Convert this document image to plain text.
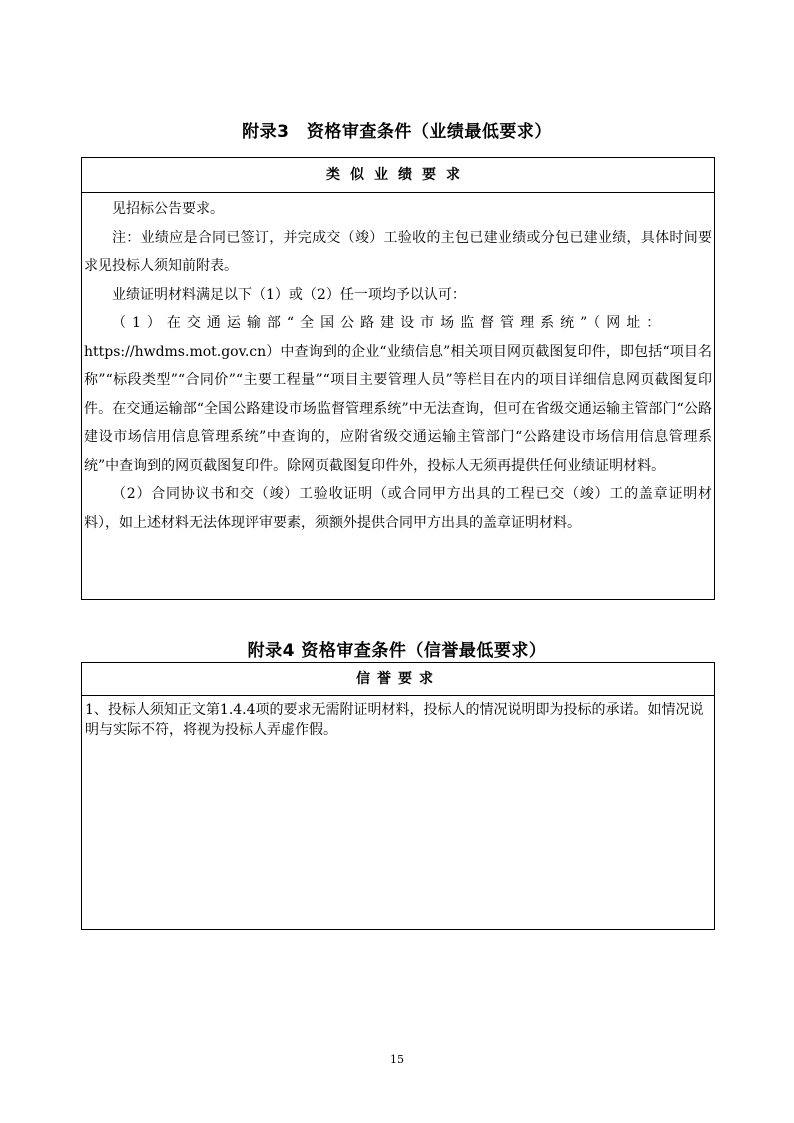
附录3　资格审查条件（业绩最低要求）
类似业绩要求

见招标公告要求。

注：业绩应是合同已签订，并完成交（竣）工验收的主包已建业绩或分包已建业绩，具体时间要求见投标人须知前附表。

业绩证明材料满足以下（1）或（2）任一项均予以认可：

（1）在交通运输部“全国公路建设市场监督管理系统”（网址：

https://hwdms.mot.gov.cn）中查询到的企业“业绩信息”相关项目网页截图复印件，即包括“项目名称”“标段类型”“合同价”“主要工程量”“项目主要管理人员”等栏目在内的项目详细信息网页截图复印件。在交通运输部“全国公路建设市场监督管理系统”中无法查询，但可在省级交通运输主管部门“公路建设市场信用信息管理系统”中查询的，应附省级交通运输主管部门“公路建设市场信用信息管理系统”中查询到的网页截图复印件。除网页截图复印件外，投标人无须再提供任何业绩证明材料。

（2）合同协议书和交（竣）工验收证明（或合同甲方出具的工程已交（竣）工的盖章证明材料），如上述材料无法体现评审要素，须额外提供合同甲方出具的盖章证明材料。

附录4 资格审查条件（信誉最低要求）
信誉要求

1、投标人须知正文第1.4.4项的要求无需附证明材料，投标人的情况说明即为投标的承诺。如情况说明与实际不符，将视为投标人弄虚作假。

15
